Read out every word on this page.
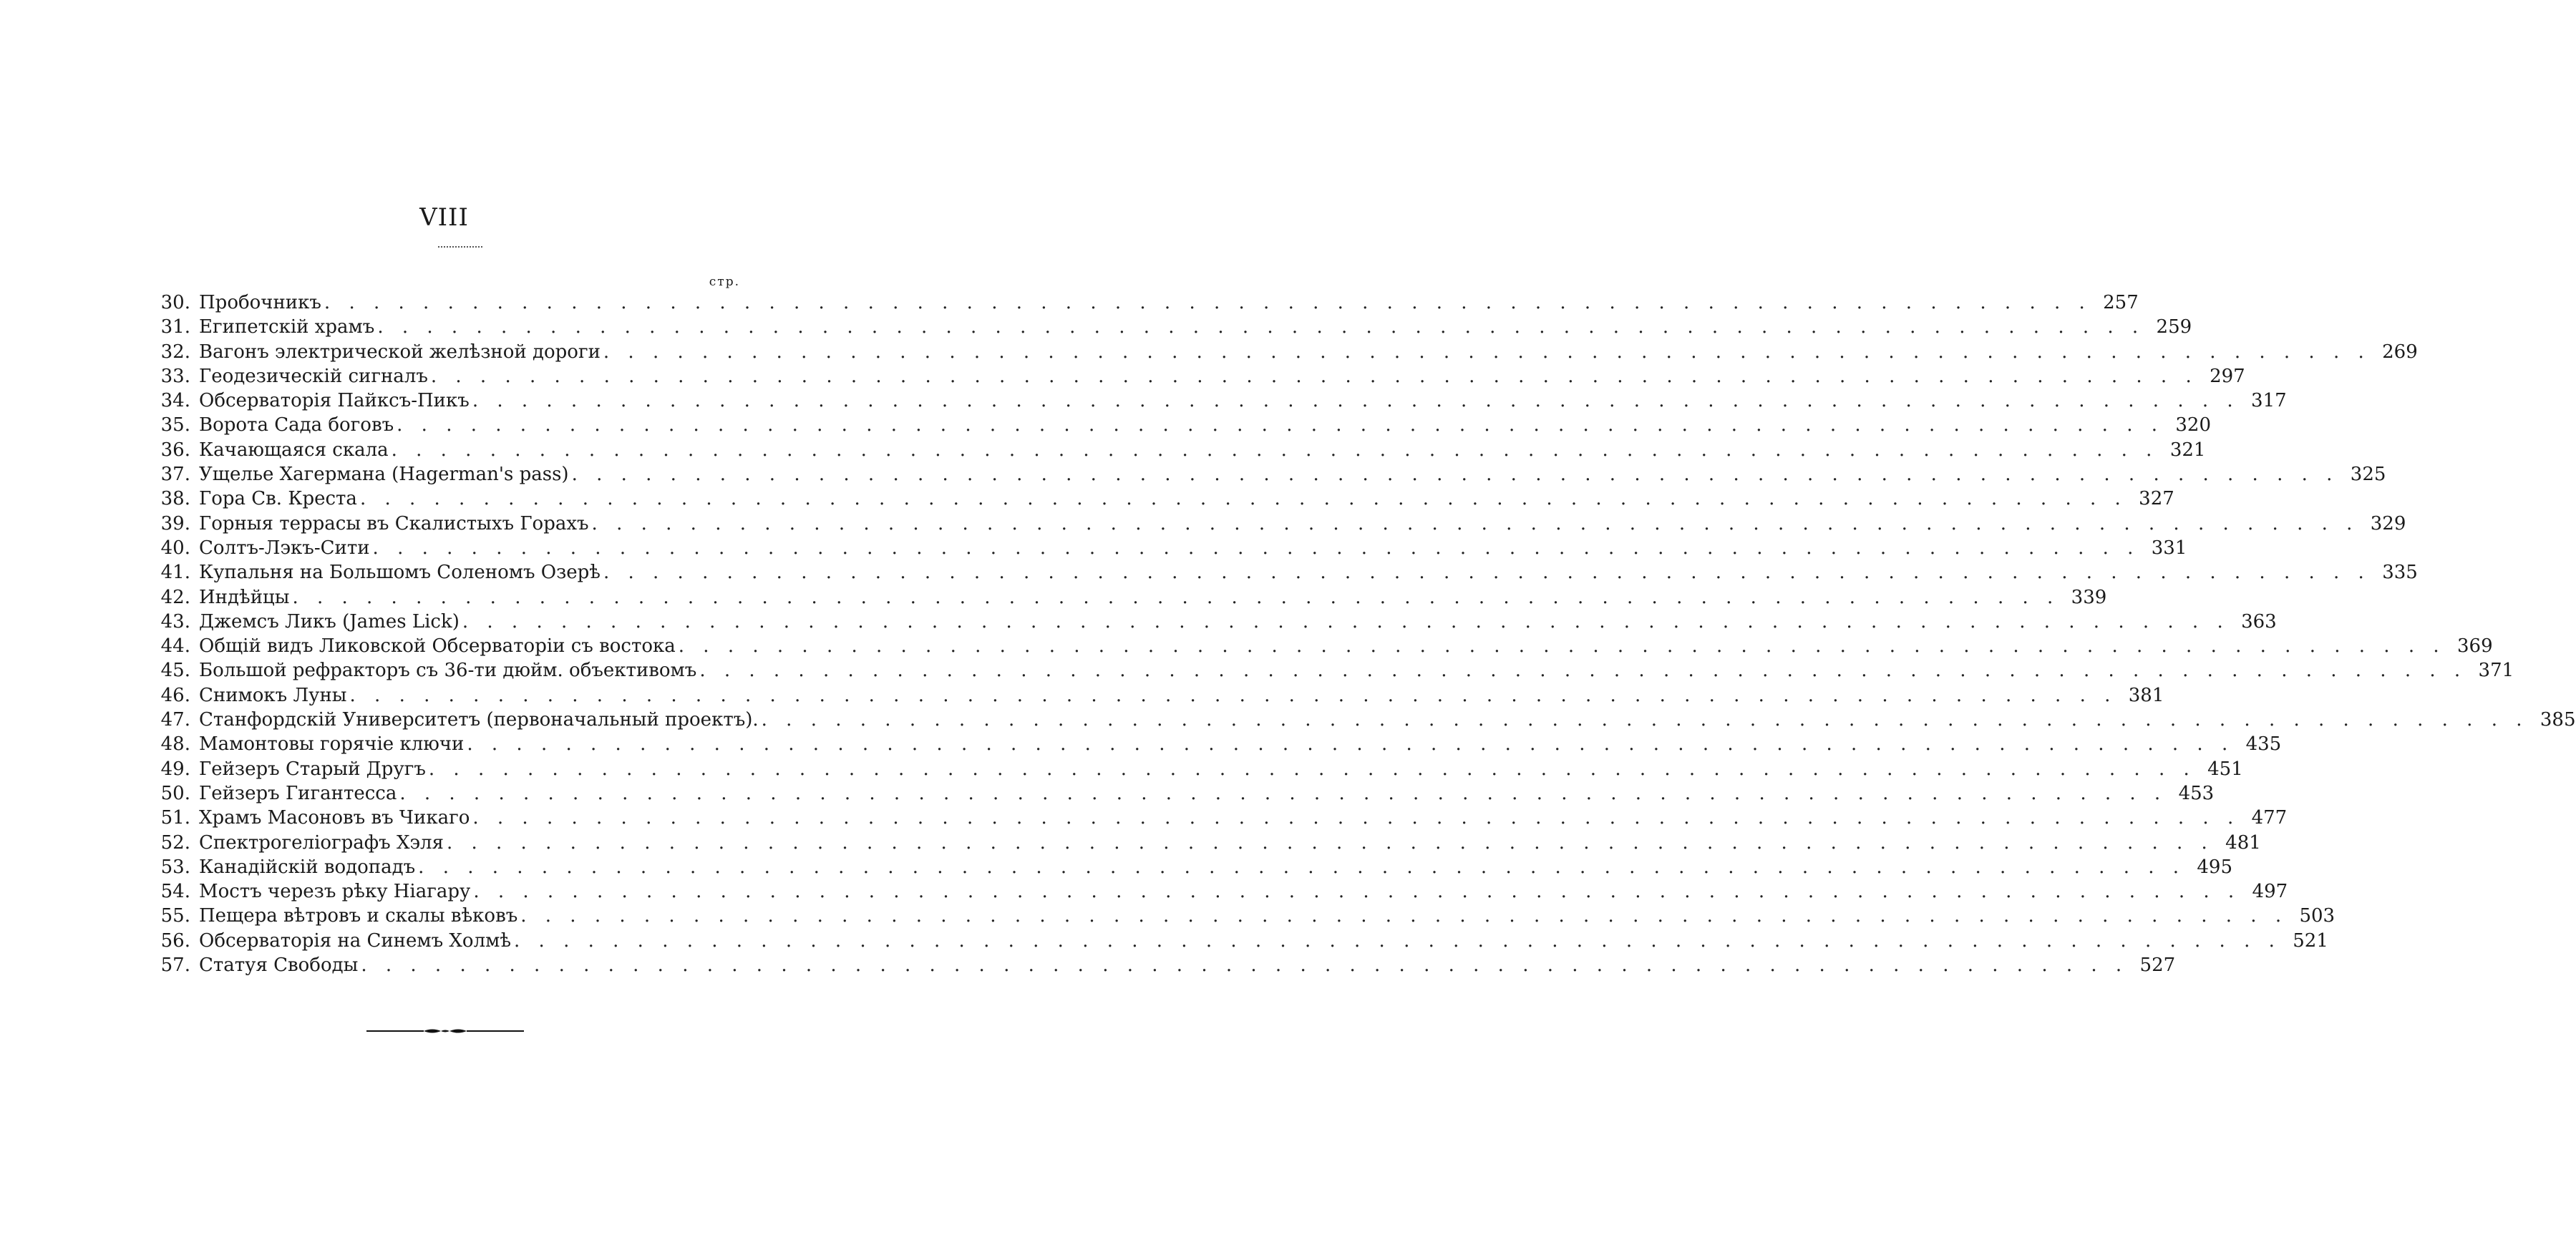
VIII
стр.
30. Пробочникъ . . .	257
31. Египетскій храмъ . . .	259
32. Вагонъ электрической желѣзной дороги . . .	269
33. Геодезическій сигналъ . . .	297
34. Обсерваторія Пайксъ-Пикъ . . .	317
35. Ворота Сада боговъ . . .	320
36. Качающаяся скала . . .	321
37. Ущелье Хагермана (Hagerman's pass) . . .	325
38. Гора Св. Креста . . .	327
39. Горныя террасы въ Скалистыхъ Горахъ . . .	329
40. Солтъ-Лэкъ-Сити . . .	331
41. Купальня на Большомъ Соленомъ Озерѣ . . .	335
42. Индѣйцы . . .	339
43. Джемсъ Ликъ (James Lick) . . .	363
44. Общій видъ Ликовской Обсерваторіи съ востока . . .	369
45. Большой рефракторъ съ 36-ти дюйм. объективомъ . . .	371
46. Снимокъ Луны . . .	381
47. Станфордскій Университетъ (первоначальный проектъ). . . .	385
48. Мамонтовы горячіе ключи . . .	435
49. Гейзеръ Старый Другъ . . .	451
50. Гейзеръ Гигантесса . . .	453
51. Храмъ Масоновъ въ Чикаго . . .	477
52. Спектрогеліографъ Хэля . . .	481
53. Канадійскій водопадъ . . .	495
54. Мостъ черезъ рѣку Ніагару . . .	497
55. Пещера вѣтровъ и скалы вѣковъ . . .	503
56. Обсерваторія на Синемъ Холмѣ . . .	521
57. Статуя Свободы . . .	527
